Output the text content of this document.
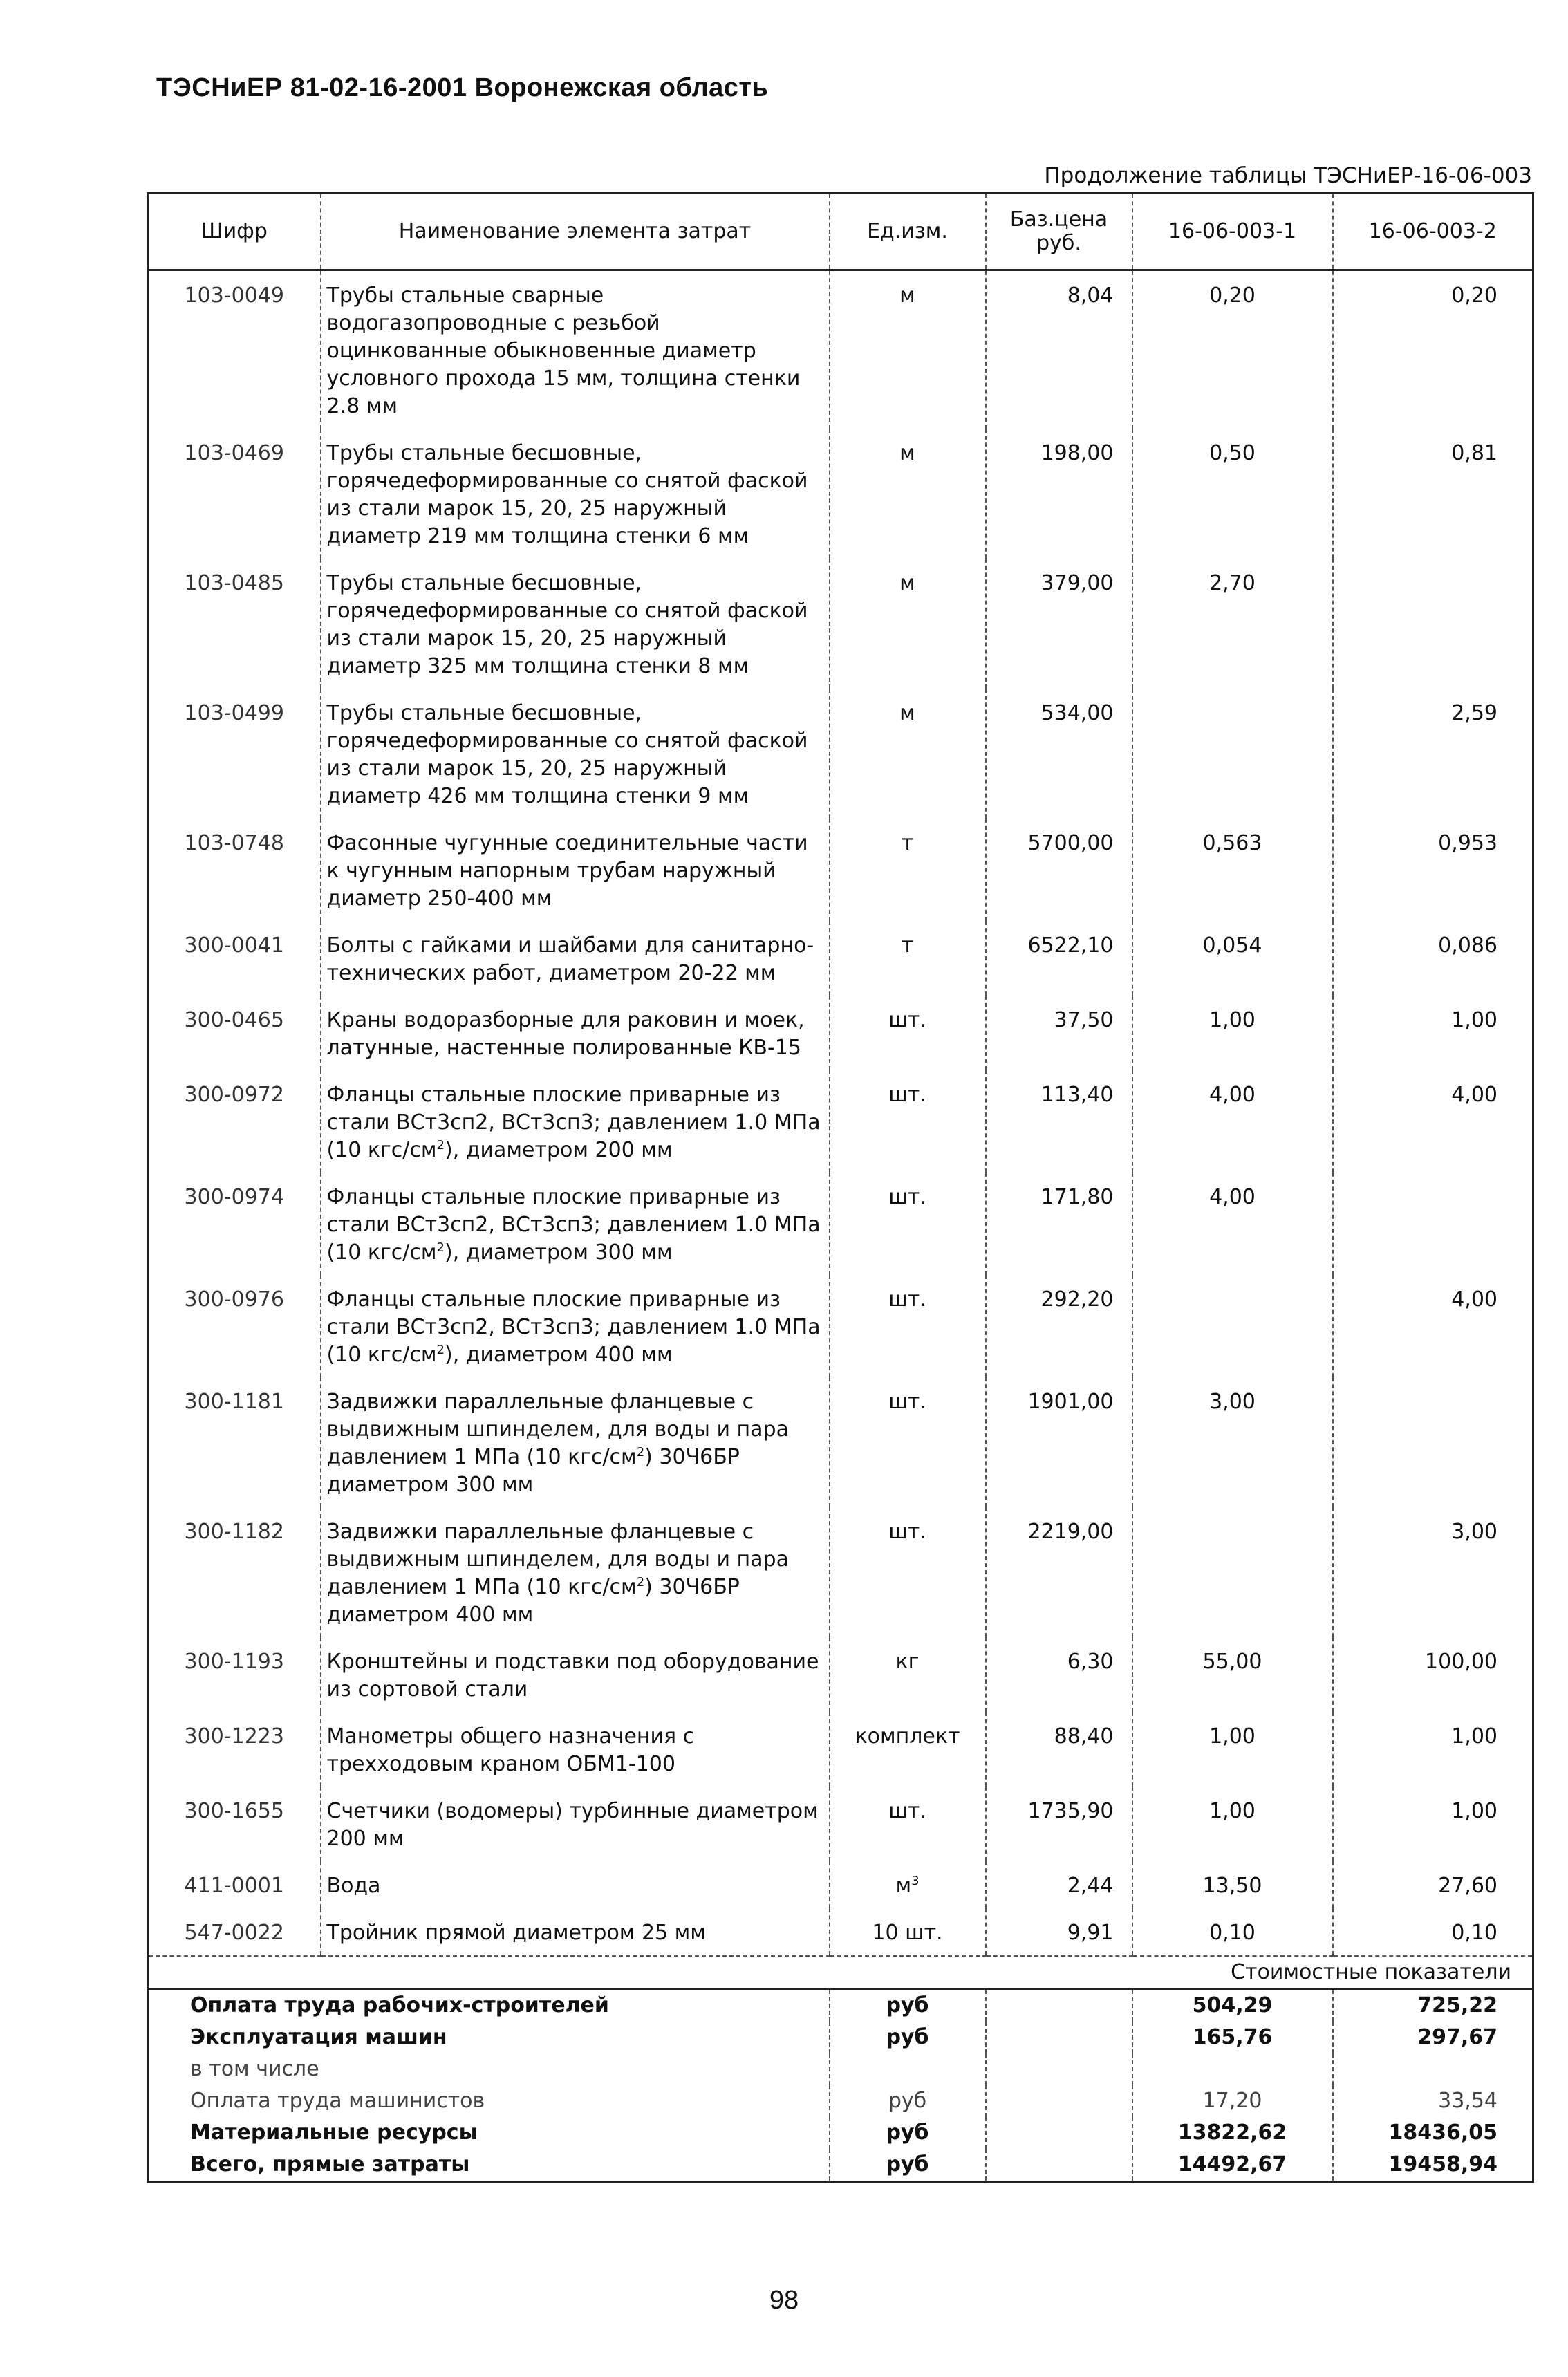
ТЭСНиЕР 81-02-16-2001 Воронежская область
Продолжение таблицы ТЭСНиЕР-16-06-003
Шифр	Наименование элемента затрат	Ед.изм.	Баз.цена руб.	16-06-003-1	16-06-003-2
103-0049	Трубы стальные сварные водогазопроводные с резьбой оцинкованные обыкновенные диаметр условного прохода 15 мм, толщина стенки 2.8 мм	м	8,04	0,20	0,20
103-0469	Трубы стальные бесшовные, горячедеформированные со снятой фаской из стали марок 15, 20, 25 наружный диаметр 219 мм толщина стенки 6 мм	м	198,00	0,50	0,81
103-0485	Трубы стальные бесшовные, горячедеформированные со снятой фаской из стали марок 15, 20, 25 наружный диаметр 325 мм толщина стенки 8 мм	м	379,00	2,70	
103-0499	Трубы стальные бесшовные, горячедеформированные со снятой фаской из стали марок 15, 20, 25 наружный диаметр 426 мм толщина стенки 9 мм	м	534,00		2,59
103-0748	Фасонные чугунные соединительные части к чугунным напорным трубам наружный диаметр 250-400 мм	т	5700,00	0,563	0,953
300-0041	Болты с гайками и шайбами для санитарно-технических работ, диаметром 20-22 мм	т	6522,10	0,054	0,086
300-0465	Краны водоразборные для раковин и моек, латунные, настенные полированные КВ-15	шт.	37,50	1,00	1,00
300-0972	Фланцы стальные плоские приварные из стали ВСт3сп2, ВСт3сп3; давлением 1.0 МПа (10 кгс/$см^2$), диаметром 200 мм	шт.	113,40	4,00	4,00
300-0974	Фланцы стальные плоские приварные из стали ВСт3сп2, ВСт3сп3; давлением 1.0 МПа (10 кгс/$см^2$), диаметром 300 мм	шт.	171,80	4,00	
300-0976	Фланцы стальные плоские приварные из стали ВСт3сп2, ВСт3сп3; давлением 1.0 МПа (10 кгс/$см^2$), диаметром 400 мм	шт.	292,20		4,00
300-1181	Задвижки параллельные фланцевые с выдвижным шпинделем, для воды и пара давлением 1 МПа (10 кгс/$см^2$) 30Ч6БР диаметром 300 мм	шт.	1901,00	3,00	
300-1182	Задвижки параллельные фланцевые с выдвижным шпинделем, для воды и пара давлением 1 МПа (10 кгс/$см^2$) 30Ч6БР диаметром 400 мм	шт.	2219,00		3,00
300-1193	Кронштейны и подставки под оборудование из сортовой стали	кг	6,30	55,00	100,00
300-1223	Манометры общего назначения с трехходовым краном ОБМ1-100	комплект	88,40	1,00	1,00
300-1655	Счетчики (водомеры) турбинные диаметром 200 мм	шт.	1735,90	1,00	1,00
411-0001	Вода	$м^3$	2,44	13,50	27,60
547-0022	Тройник прямой диаметром 25 мм	10 шт.	9,91	0,10	0,10
Стоимостные показатели					
Оплата труда рабочих-строителей		руб		504,29	725,22
Эксплуатация машин		руб		165,76	297,67
в том числе					
Оплата труда машинистов		руб		17,20	33,54
Материальные ресурсы		руб		13822,62	18436,05
Всего, прямые затраты		руб		14492,67	19458,94
98
